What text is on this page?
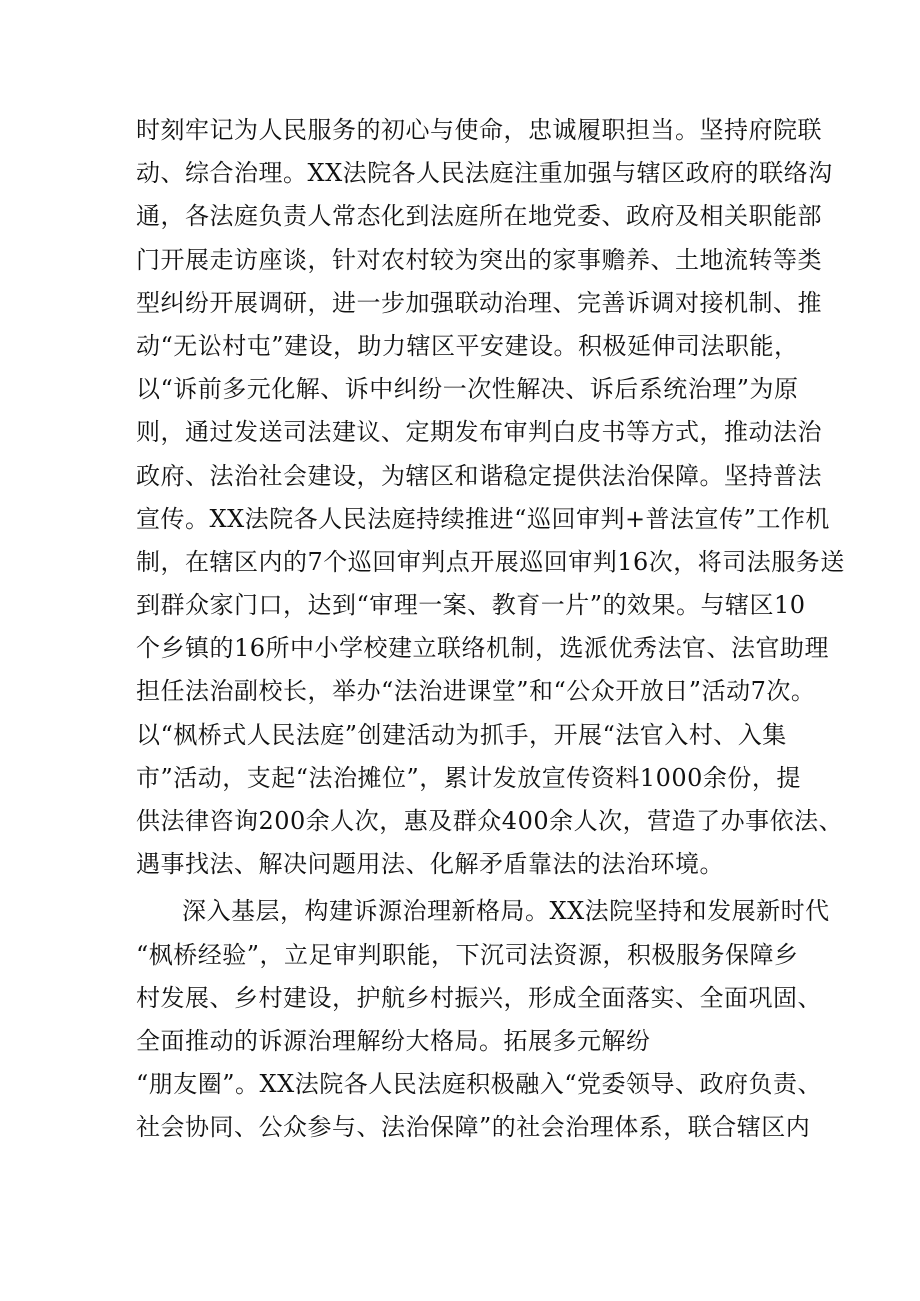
时刻牢记为人民服务的初心与使命，忠诚履职担当。坚持府院联
动、综合治理。XX法院各人民法庭注重加强与辖区政府的联络沟
通，各法庭负责人常态化到法庭所在地党委、政府及相关职能部
门开展走访座谈，针对农村较为突出的家事赡养、土地流转等类
型纠纷开展调研，进一步加强联动治理、完善诉调对接机制、推
动“无讼村屯”建设，助力辖区平安建设。积极延伸司法职能，
以“诉前多元化解、诉中纠纷一次性解决、诉后系统治理”为原
则，通过发送司法建议、定期发布审判白皮书等方式，推动法治
政府、法治社会建设，为辖区和谐稳定提供法治保障。坚持普法
宣传。XX法院各人民法庭持续推进“巡回审判+普法宣传”工作机
制，在辖区内的7个巡回审判点开展巡回审判16次，将司法服务送
到群众家门口，达到“审理一案、教育一片”的效果。与辖区10
个乡镇的16所中小学校建立联络机制，选派优秀法官、法官助理
担任法治副校长，举办“法治进课堂”和“公众开放日”活动7次。
以“枫桥式人民法庭”创建活动为抓手，开展“法官入村、入集
市”活动，支起“法治摊位”，累计发放宣传资料1000余份，提
供法律咨询200余人次，惠及群众400余人次，营造了办事依法、
遇事找法、解决问题用法、化解矛盾靠法的法治环境。
深入基层，构建诉源治理新格局。XX法院坚持和发展新时代
“枫桥经验”，立足审判职能，下沉司法资源，积极服务保障乡
村发展、乡村建设，护航乡村振兴，形成全面落实、全面巩固、
全面推动的诉源治理解纷大格局。拓展多元解纷
“朋友圈”。XX法院各人民法庭积极融入“党委领导、政府负责、
社会协同、公众参与、法治保障”的社会治理体系，联合辖区内
